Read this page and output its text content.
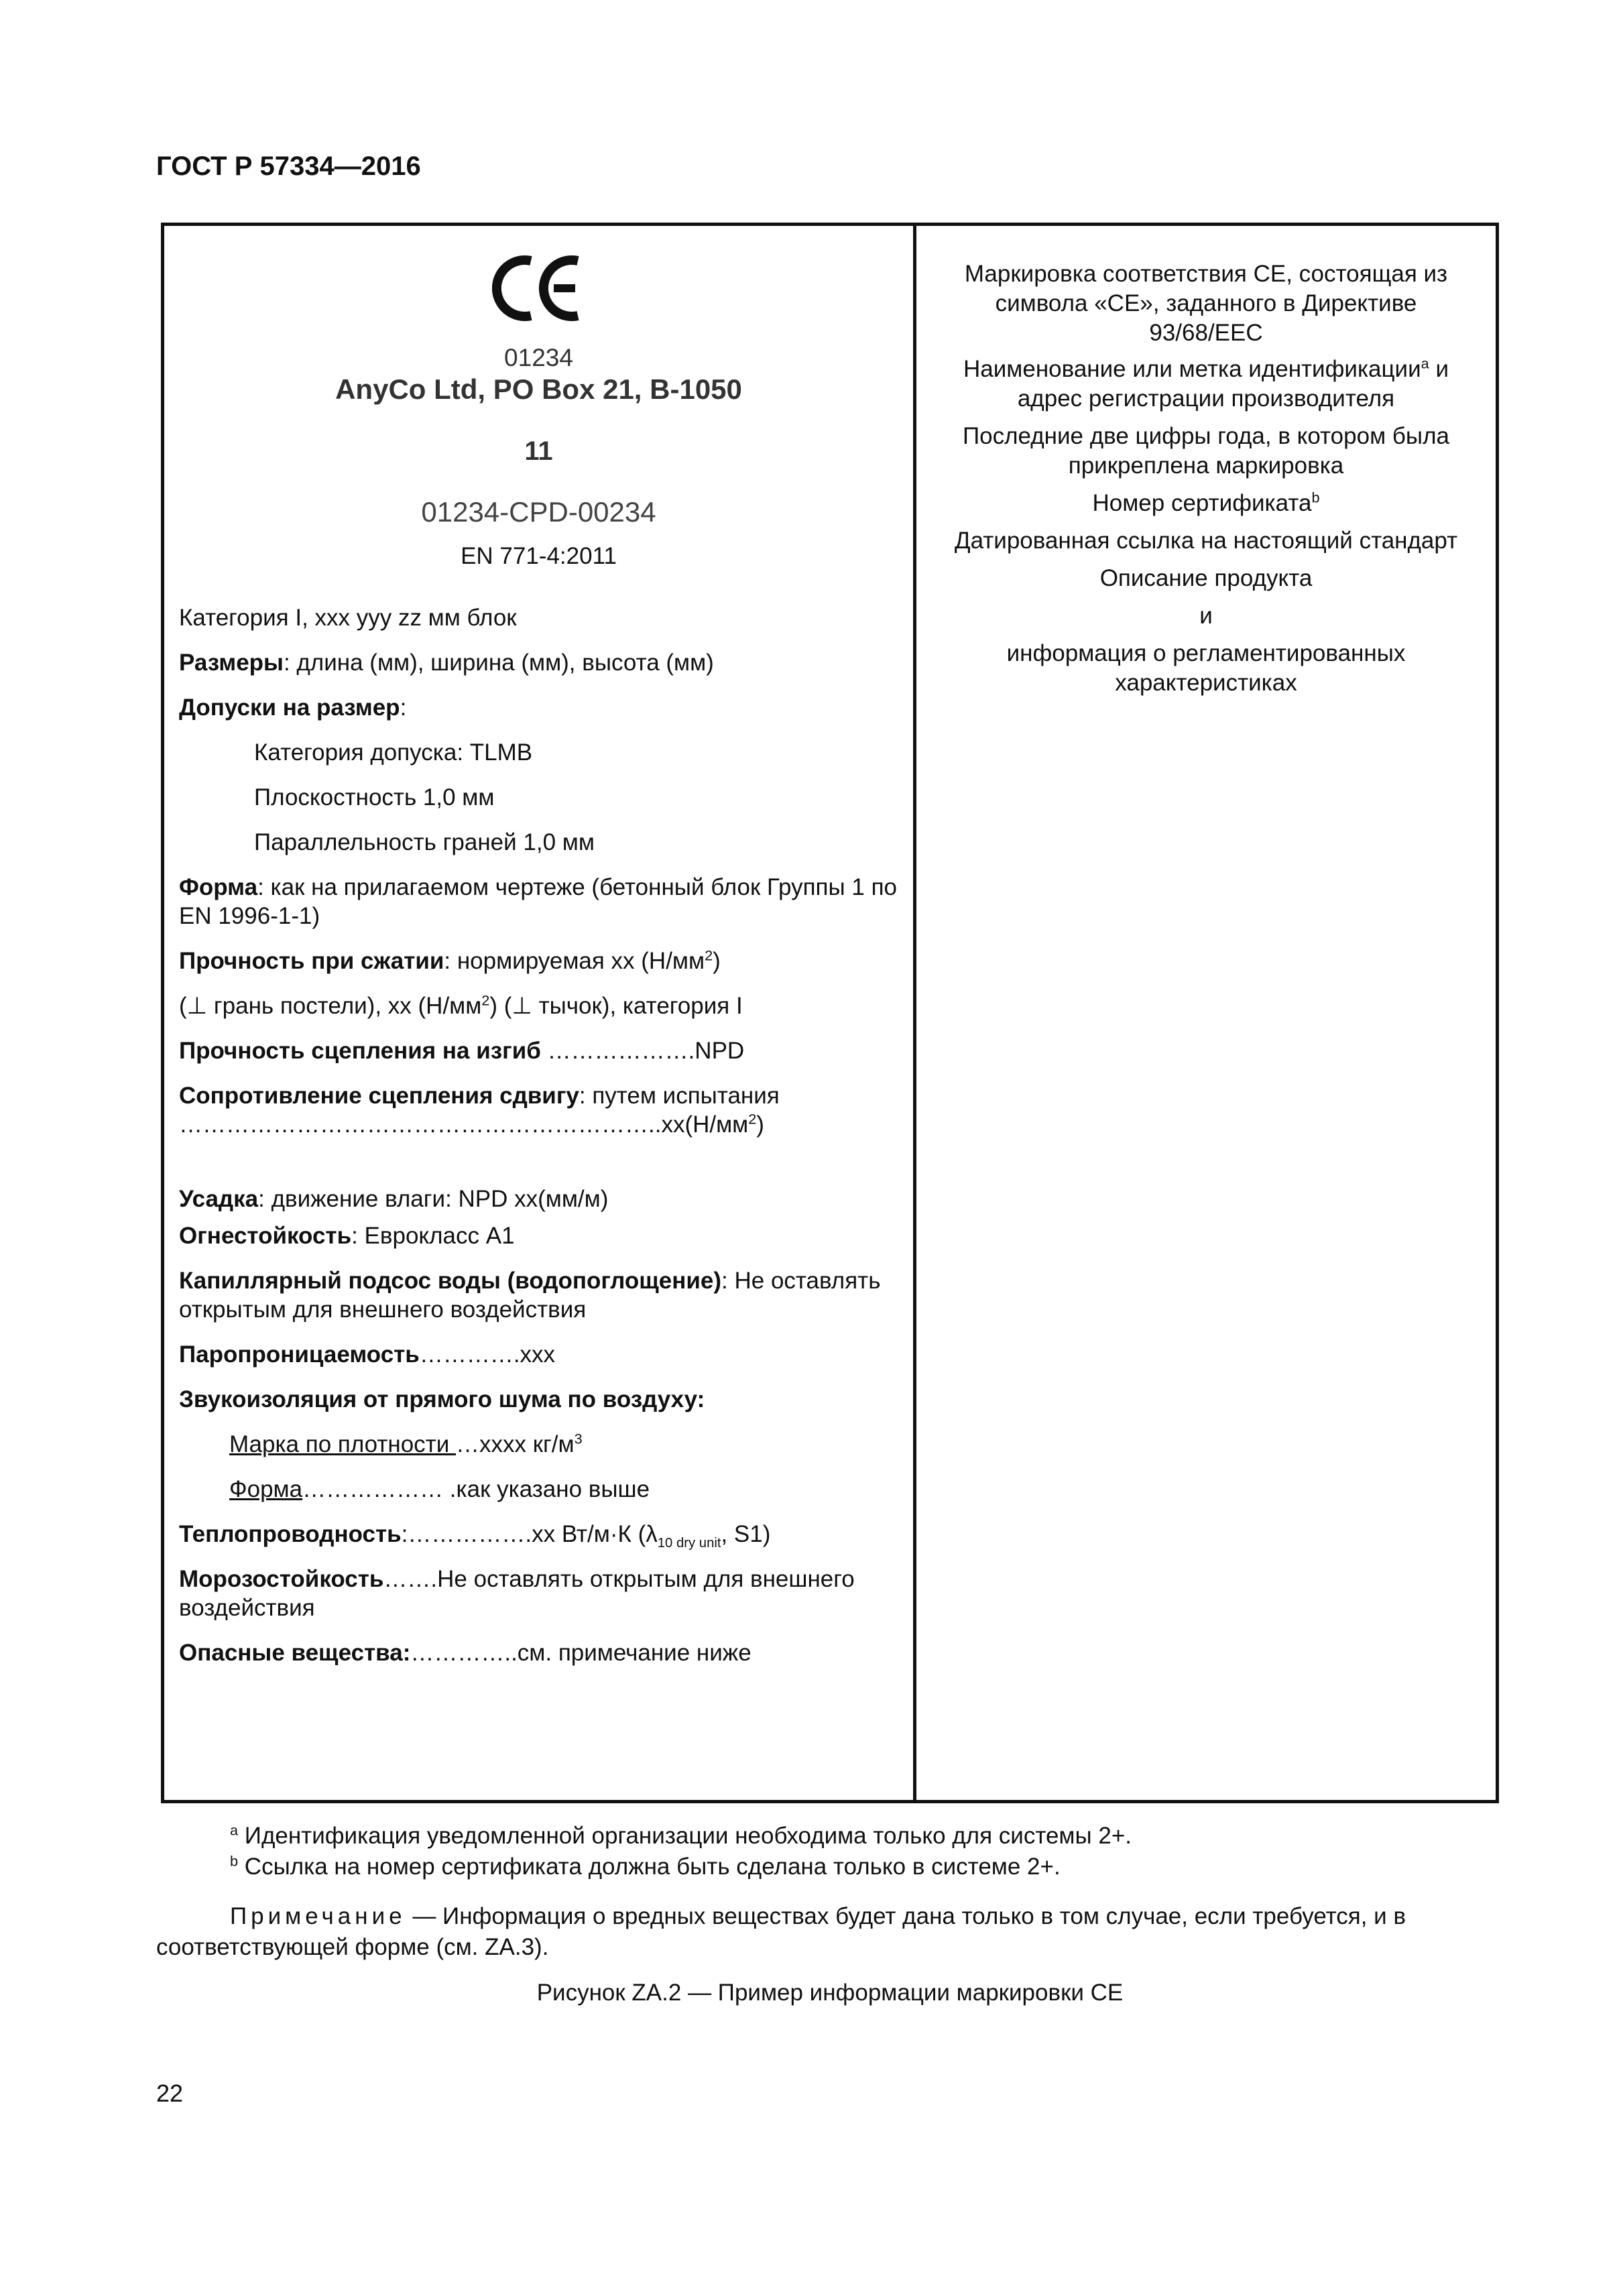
ГОСТ Р 57334—2016

01234
AnyCo Ltd, PO Box 21, B-1050
11
01234-CPD-00234
EN 771-4:2011

Категория I, xxx yyy zz мм блок

Размеры: длина (мм), ширина (мм), высота (мм)

Допуски на размер:

Категория допуска: TLMB

Плоскостность 1,0 мм

Параллельность граней 1,0 мм

Форма: как на прилагаемом чертеже (бетонный блок Группы 1 по EN 1996-1-1)

Прочность при сжатии: нормируемая xx $(Н/мм^2)$

(⊥ грань постели), xx $(Н/мм^2)$ (⊥ тычок), категория I

Прочность сцепления на изгиб ……………….NPD

Сопротивление сцепления сдвигу: путем испытания $\dots\dots\dots\dots\dots\dots\dots\dots\dots\dots\dots\dots\dots\dots\dots\dots\dots\dots\dots\dots..xx(Н/мм^2)$

Усадка: движение влаги: NPD xx(мм/м)

Огнестойкость: Еврокласс A1

Капиллярный подсос воды (водопоглощение): Не оставлять открытым для внешнего воздействия

Паропроницаемость………….xxx

Звукоизоляция от прямого шума по воздуху:

Марка по плотности …хххх $кг/м^3$

Форма……………… .как указано выше

Теплопроводность:…………….хх Вт/м·К ($\lambda_{10 dry unit}$, S1)

Морозостойкость…….Не оставлять открытым для внешнего воздействия

Опасные вещества:…………..см. примечание ниже

Маркировка соответствия CE, состоящая из символа «CE», заданного в Директиве 93/68/EEC

Наименование или метка идентификации$^a$ и адрес регистрации производителя

Последние две цифры года, в котором была прикреплена маркировка

Номер сертификата$^b$

Датированная ссылка на настоящий стандарт

Описание продукта

и

информация о регламентированных характеристиках

$^a$ Идентификация уведомленной организации необходима только для системы 2+.

$^b$ Ссылка на номер сертификата должна быть сделана только в системе 2+.

Примечание — Информация о вредных веществах будет дана только в том случае, если требуется, и в соответствующей форме (см. ZA.3).

Рисунок ZA.2 — Пример информации маркировки CE

22
